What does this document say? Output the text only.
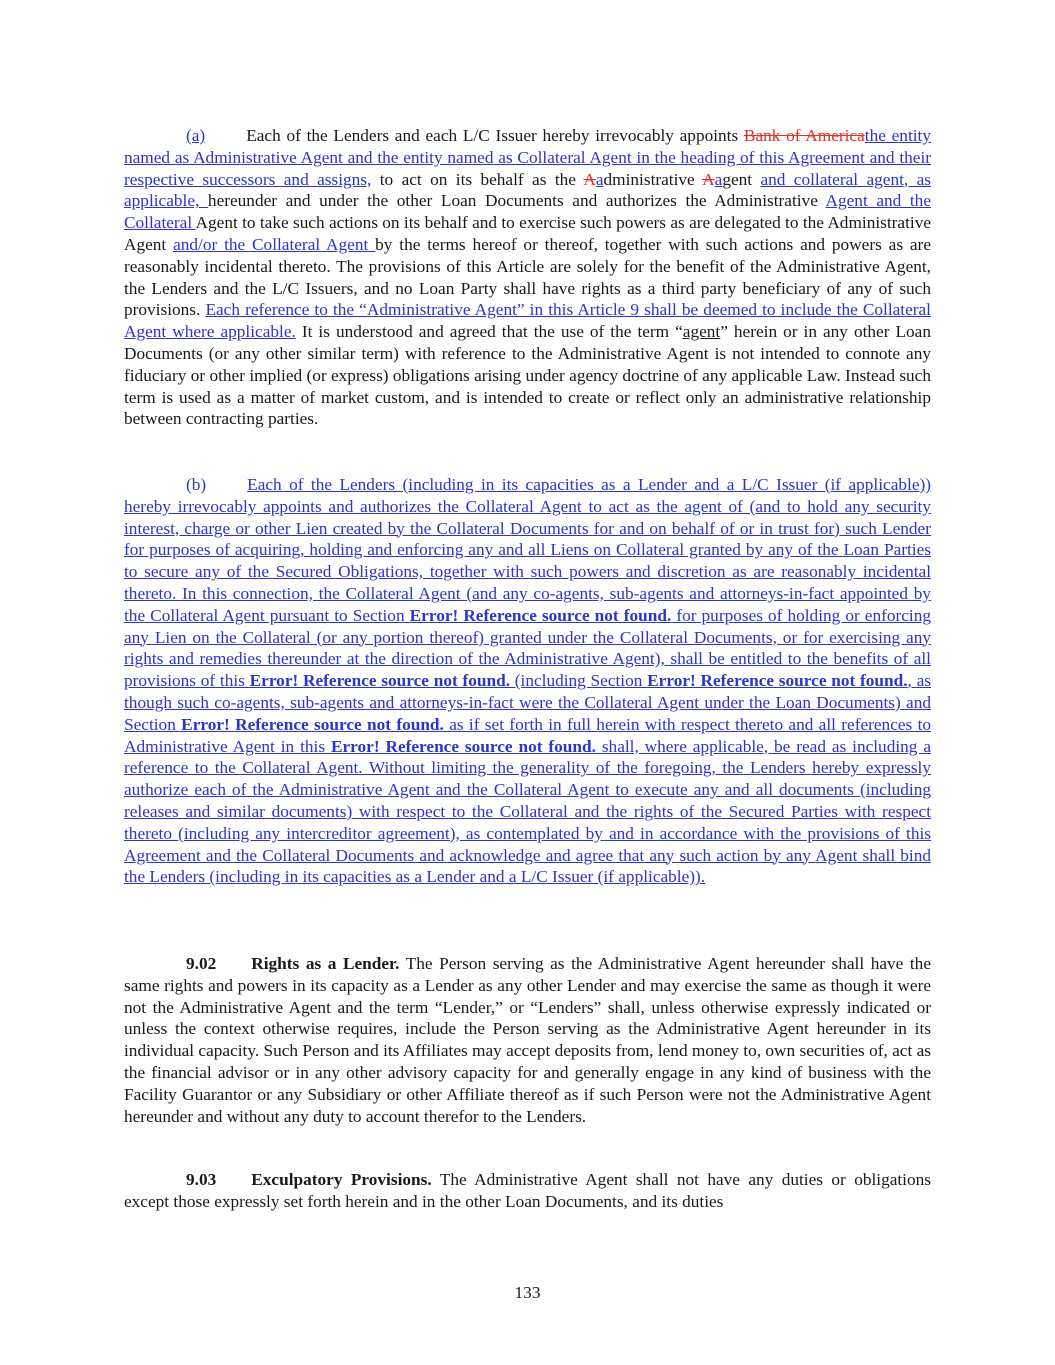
(a) Each of the Lenders and each L/C Issuer hereby irrevocably appoints Bank of Americathe entity named as Administrative Agent and the entity named as Collateral Agent in the heading of this Agreement and their respective successors and assigns, to act on its behalf as the Aadministrative Aagent and collateral agent, as applicable, hereunder and under the other Loan Documents and authorizes the Administrative Agent and the Collateral Agent to take such actions on its behalf and to exercise such powers as are delegated to the Administrative Agent and/or the Collateral Agent by the terms hereof or thereof, together with such actions and powers as are reasonably incidental thereto. The provisions of this Article are solely for the benefit of the Administrative Agent, the Lenders and the L/C Issuers, and no Loan Party shall have rights as a third party beneficiary of any of such provisions. Each reference to the “Administrative Agent” in this Article 9 shall be deemed to include the Collateral Agent where applicable. It is understood and agreed that the use of the term “agent” herein or in any other Loan Documents (or any other similar term) with reference to the Administrative Agent is not intended to connote any fiduciary or other implied (or express) obligations arising under agency doctrine of any applicable Law. Instead such term is used as a matter of market custom, and is intended to create or reflect only an administrative relationship between contracting parties.

(b) Each of the Lenders (including in its capacities as a Lender and a L/C Issuer (if applicable)) hereby irrevocably appoints and authorizes the Collateral Agent to act as the agent of (and to hold any security interest, charge or other Lien created by the Collateral Documents for and on behalf of or in trust for) such Lender for purposes of acquiring, holding and enforcing any and all Liens on Collateral granted by any of the Loan Parties to secure any of the Secured Obligations, together with such powers and discretion as are reasonably incidental thereto. In this connection, the Collateral Agent (and any co-agents, sub-agents and attorneys-in-fact appointed by the Collateral Agent pursuant to Section Error! Reference source not found. for purposes of holding or enforcing any Lien on the Collateral (or any portion thereof) granted under the Collateral Documents, or for exercising any rights and remedies thereunder at the direction of the Administrative Agent), shall be entitled to the benefits of all provisions of this Error! Reference source not found. (including Section Error! Reference source not found., as though such co-agents, sub-agents and attorneys-in-fact were the Collateral Agent under the Loan Documents) and Section Error! Reference source not found. as if set forth in full herein with respect thereto and all references to Administrative Agent in this Error! Reference source not found. shall, where applicable, be read as including a reference to the Collateral Agent. Without limiting the generality of the foregoing, the Lenders hereby expressly authorize each of the Administrative Agent and the Collateral Agent to execute any and all documents (including releases and similar documents) with respect to the Collateral and the rights of the Secured Parties with respect thereto (including any intercreditor agreement), as contemplated by and in accordance with the provisions of this Agreement and the Collateral Documents and acknowledge and agree that any such action by any Agent shall bind the Lenders (including in its capacities as a Lender and a L/C Issuer (if applicable)).

9.02 Rights as a Lender. The Person serving as the Administrative Agent hereunder shall have the same rights and powers in its capacity as a Lender as any other Lender and may exercise the same as though it were not the Administrative Agent and the term “Lender,” or “Lenders” shall, unless otherwise expressly indicated or unless the context otherwise requires, include the Person serving as the Administrative Agent hereunder in its individual capacity. Such Person and its Affiliates may accept deposits from, lend money to, own securities of, act as the financial advisor or in any other advisory capacity for and generally engage in any kind of business with the Facility Guarantor or any Subsidiary or other Affiliate thereof as if such Person were not the Administrative Agent hereunder and without any duty to account therefor to the Lenders.

9.03 Exculpatory Provisions. The Administrative Agent shall not have any duties or obligations except those expressly set forth herein and in the other Loan Documents, and its duties

133
